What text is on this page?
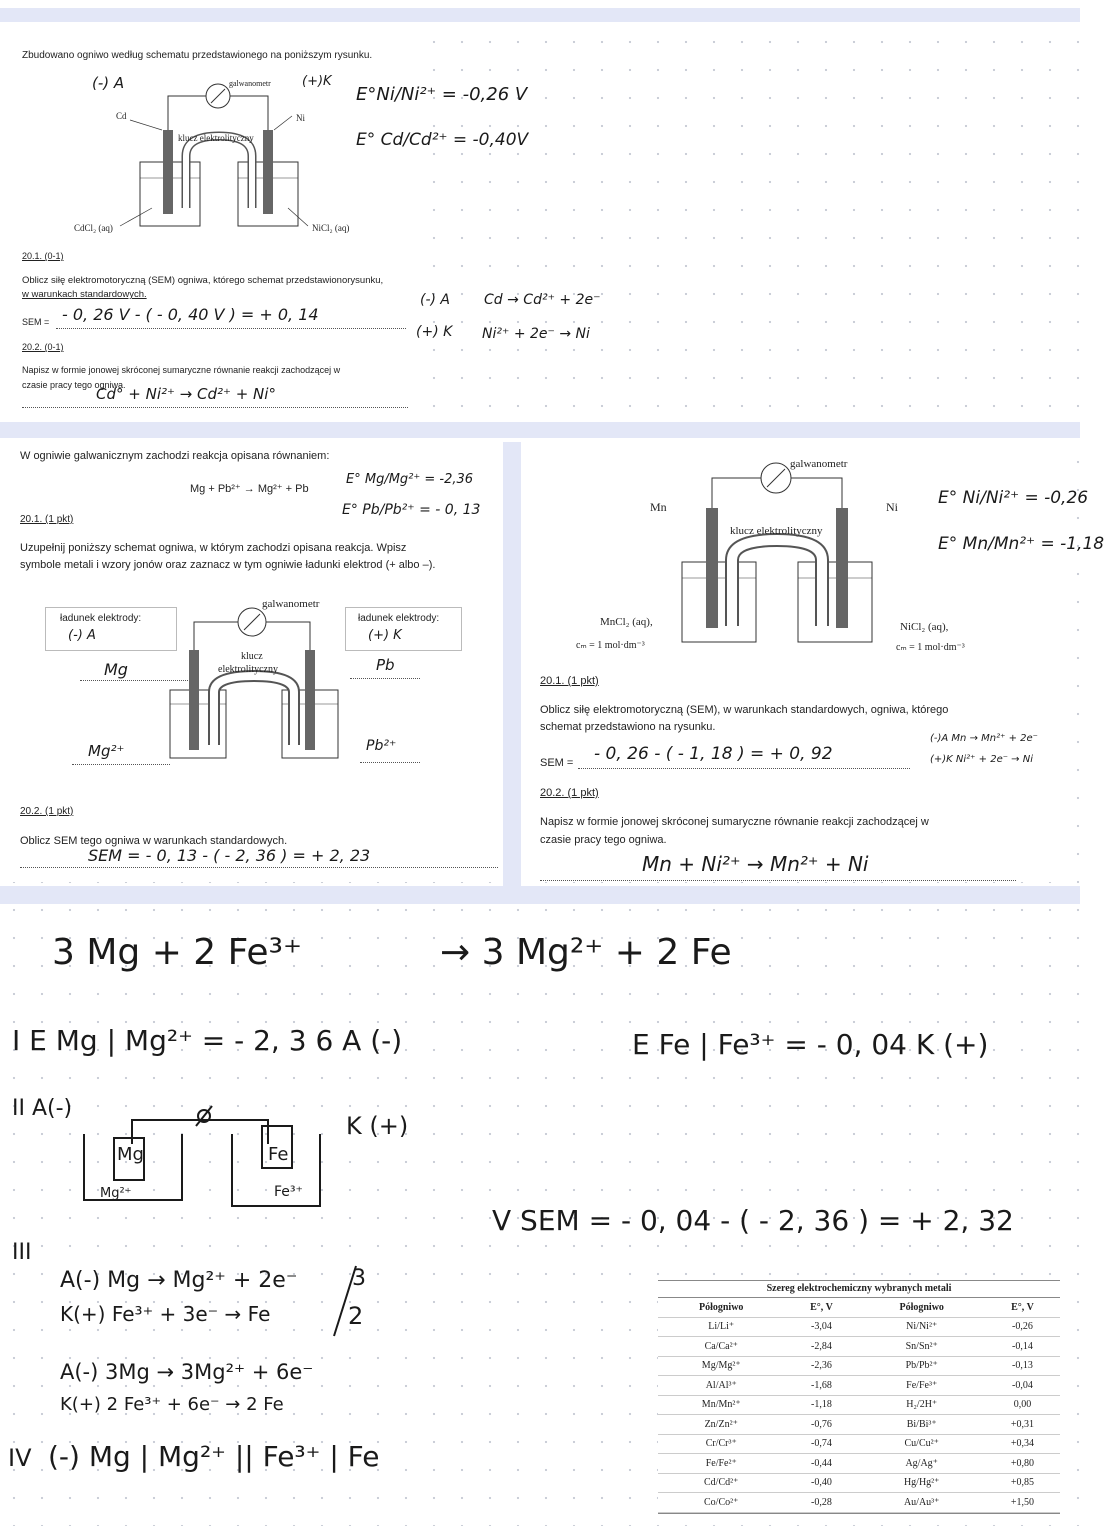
Zbudowano ogniwo według schematu przedstawionego na poniższym rysunku.
(-) A	(+)K
galwanometr
Cd	Ni
klucz elektrolityczny
CdCl₂ (aq)	NiCl₂ (aq)
E°Ni/Ni²⁺ = -0,26 V
E° Cd/Cd²⁺ = -0,40V
20.1. (0-1)
Oblicz siłę elektromotoryczną (SEM) ogniwa, którego schemat przedstawionorysunku,
w warunkach standardowych.
SEM = - 0, 26 V - ( - 0, 40 V ) = + 0, 14
(-) A
(+) K
Cd → Cd²⁺ + 2e⁻
Ni²⁺ + 2e⁻ → Ni
20.2. (0-1)
Napisz w formie jonowej skróconej sumaryczne równanie reakcji zachodzącej w
czasie pracy tego ogniwa.
Cd° + Ni²⁺ → Cd²⁺ + Ni°
W ogniwie galwanicznym zachodzi reakcja opisana równaniem:
Mg + Pb²⁺ → Mg²⁺ + Pb
E° Mg/Mg²⁺ = -2,36
E° Pb/Pb²⁺ = - 0, 13
20.1. (1 pkt)
Uzupełnij poniższy schemat ogniwa, w którym zachodzi opisana reakcja. Wpisz
symbole metali i wzory jonów oraz zaznacz w tym ogniwie ładunki elektrod (+ albo –).
ładunek elektrody:
(-) A
ładunek elektrody:
(+) K
galwanometr
klucz
elektrolityczny
Mg	Pb
Mg²⁺	Pb²⁺
20.2. (1 pkt)
Oblicz SEM tego ogniwa w warunkach standardowych.
SEM = - 0, 13 - ( - 2, 36 ) = + 2, 23
galwanometr
Mn	Ni
klucz elektrolityczny
MnCl₂ (aq),
cₘ = 1 mol·dm⁻³
NiCl₂ (aq),
cₘ = 1 mol·dm⁻³
E° Ni/Ni²⁺ = -0,26
E° Mn/Mn²⁺ = -1,18
20.1. (1 pkt)
Oblicz siłę elektromotoryczną (SEM), w warunkach standardowych, ogniwa, którego
schemat przedstawiono na rysunku.
SEM = - 0, 26 - ( - 1, 18 ) = + 0, 92
(-)A Mn → Mn²⁺ + 2e⁻
(+)K Ni²⁺ + 2e⁻ → Ni
20.2. (1 pkt)
Napisz w formie jonowej skróconej sumaryczne równanie reakcji zachodzącej w
czasie pracy tego ogniwa.
Mn + Ni²⁺ → Mn²⁺ + Ni
3 Mg + 2 Fe³⁺	→ 3 Mg²⁺ + 2 Fe
I E Mg | Mg²⁺ = - 2, 3 6 A (-)	E Fe | Fe³⁺ = - 0, 04 K (+)
II A(-)
K (+)
Mg
Mg²⁺
Fe
Fe³⁺
V SEM = - 0, 04 - ( - 2, 36 ) = + 2, 32
III
A(-) Mg → Mg²⁺ + 2e⁻
K(+) Fe³⁺ + 3e⁻ → Fe
3
2
A(-) 3Mg → 3Mg²⁺ + 6e⁻
K(+) 2 Fe³⁺ + 6e⁻ → 2 Fe
IV (-) Mg | Mg²⁺ || Fe³⁺ | Fe
Szereg elektrochemiczny wybranych metali
Półogniwo	E°, V	Półogniwo	E°, V
Li/Li⁺	-3,04	Ni/Ni²⁺	-0,26
Ca/Ca²⁺	-2,84	Sn/Sn²⁺	-0,14
Mg/Mg²⁺	-2,36	Pb/Pb²⁺	-0,13
Al/Al³⁺	-1,68	Fe/Fe³⁺	-0,04
Mn/Mn²⁺	-1,18	H₂/2H⁺	0,00
Zn/Zn²⁺	-0,76	Bi/Bi³⁺	+0,31
Cr/Cr³⁺	-0,74	Cu/Cu²⁺	+0,34
Fe/Fe²⁺	-0,44	Ag/Ag⁺	+0,80
Cd/Cd²⁺	-0,40	Hg/Hg²⁺	+0,85
Co/Co²⁺	-0,28	Au/Au³⁺	+1,50
